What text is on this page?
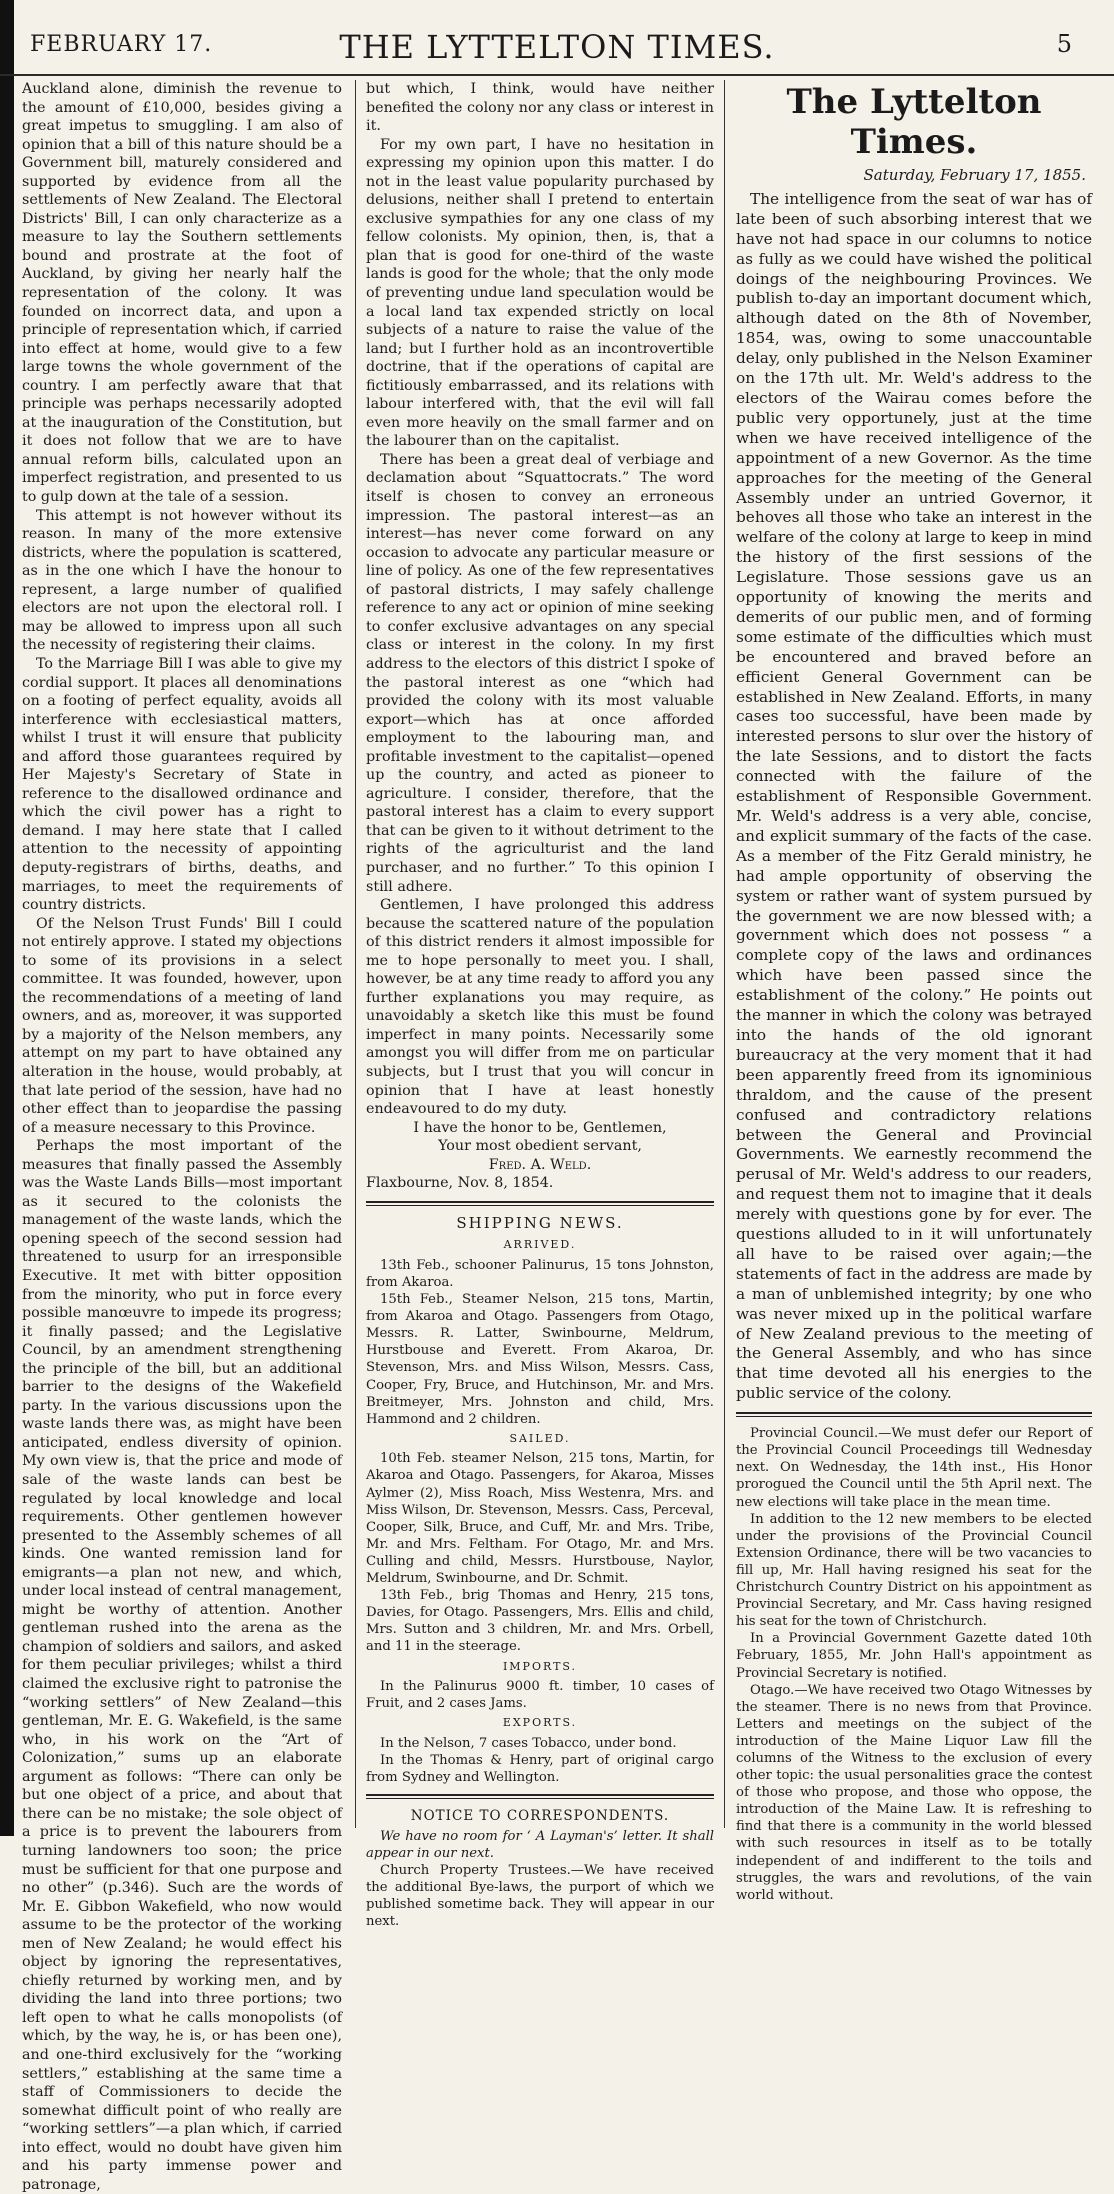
FEBRUARY 17.	THE LYTTELTON TIMES.	5

Auckland alone, diminish the revenue to the amount of £10,000, besides giving a great impetus to smuggling. I am also of opinion that a bill of this nature should be a Government bill, maturely considered and supported by evidence from all the settlements of New Zealand. The Electoral Districts' Bill, I can only characterize as a measure to lay the Southern settlements bound and prostrate at the foot of Auckland, by giving her nearly half the representation of the colony. It was founded on incorrect data, and upon a principle of representation which, if carried into effect at home, would give to a few large towns the whole government of the country. I am perfectly aware that that principle was perhaps necessarily adopted at the inauguration of the Constitution, but it does not follow that we are to have annual reform bills, calculated upon an imperfect registration, and presented to us to gulp down at the tale of a session.

This attempt is not however without its reason. In many of the more extensive districts, where the population is scattered, as in the one which I have the honour to represent, a large number of qualified electors are not upon the electoral roll. I may be allowed to impress upon all such the necessity of registering their claims.

To the Marriage Bill I was able to give my cordial support. It places all denominations on a footing of perfect equality, avoids all interference with ecclesiastical matters, whilst I trust it will ensure that publicity and afford those guarantees required by Her Majesty's Secretary of State in reference to the disallowed ordinance and which the civil power has a right to demand. I may here state that I called attention to the necessity of appointing deputy-registrars of births, deaths, and marriages, to meet the requirements of country districts.

Of the Nelson Trust Funds' Bill I could not entirely approve. I stated my objections to some of its provisions in a select committee. It was founded, however, upon the recommendations of a meeting of land owners, and as, moreover, it was supported by a majority of the Nelson members, any attempt on my part to have obtained any alteration in the house, would probably, at that late period of the session, have had no other effect than to jeopardise the passing of a measure necessary to this Province.

Perhaps the most important of the measures that finally passed the Assembly was the Waste Lands Bills—most important as it secured to the colonists the management of the waste lands, which the opening speech of the second session had threatened to usurp for an irresponsible Executive. It met with bitter opposition from the minority, who put in force every possible manœuvre to impede its progress; it finally passed; and the Legislative Council, by an amendment strengthening the principle of the bill, but an additional barrier to the designs of the Wakefield party. In the various discussions upon the waste lands there was, as might have been anticipated, endless diversity of opinion. My own view is, that the price and mode of sale of the waste lands can best be regulated by local knowledge and local requirements. Other gentlemen however presented to the Assembly schemes of all kinds. One wanted remission land for emigrants—a plan not new, and which, under local instead of central management, might be worthy of attention. Another gentleman rushed into the arena as the champion of soldiers and sailors, and asked for them peculiar privileges; whilst a third claimed the exclusive right to patronise the “working settlers” of New Zealand—this gentleman, Mr. E. G. Wakefield, is the same who, in his work on the “Art of Colonization,” sums up an elaborate argument as follows: “There can only be but one object of a price, and about that there can be no mistake; the sole object of a price is to prevent the labourers from turning landowners too soon; the price must be sufficient for that one purpose and no other” (p.346). Such are the words of Mr. E. Gibbon Wakefield, who now would assume to be the protector of the working men of New Zealand; he would effect his object by ignoring the representatives, chiefly returned by working men, and by dividing the land into three portions; two left open to what he calls monopolists (of which, by the way, he is, or has been one), and one-third exclusively for the “working settlers,” establishing at the same time a staff of Commissioners to decide the somewhat difficult point of who really are “working settlers”—a plan which, if carried into effect, would no doubt have given him and his party immense power and patronage,

but which, I think, would have neither benefited the colony nor any class or interest in it.

For my own part, I have no hesitation in expressing my opinion upon this matter. I do not in the least value popularity purchased by delusions, neither shall I pretend to entertain exclusive sympathies for any one class of my fellow colonists. My opinion, then, is, that a plan that is good for one-third of the waste lands is good for the whole; that the only mode of preventing undue land speculation would be a local land tax expended strictly on local subjects of a nature to raise the value of the land; but I further hold as an incontrovertible doctrine, that if the operations of capital are fictitiously embarrassed, and its relations with labour interfered with, that the evil will fall even more heavily on the small farmer and on the labourer than on the capitalist.

There has been a great deal of verbiage and declamation about “Squattocrats.” The word itself is chosen to convey an erroneous impression. The pastoral interest—as an interest—has never come forward on any occasion to advocate any particular measure or line of policy. As one of the few representatives of pastoral districts, I may safely challenge reference to any act or opinion of mine seeking to confer exclusive advantages on any special class or interest in the colony. In my first address to the electors of this district I spoke of the pastoral interest as one “which had provided the colony with its most valuable export—which has at once afforded employment to the labouring man, and profitable investment to the capitalist—opened up the country, and acted as pioneer to agriculture. I consider, therefore, that the pastoral interest has a claim to every support that can be given to it without detriment to the rights of the agriculturist and the land purchaser, and no further.” To this opinion I still adhere.

Gentlemen, I have prolonged this address because the scattered nature of the population of this district renders it almost impossible for me to hope personally to meet you. I shall, however, be at any time ready to afford you any further explanations you may require, as unavoidably a sketch like this must be found imperfect in many points. Necessarily some amongst you will differ from me on particular subjects, but I trust that you will concur in opinion that I have at least honestly endeavoured to do my duty.

I have the honor to be, Gentlemen,

Your most obedient servant,

Fred. A. Weld.

Flaxbourne, Nov. 8, 1854.

SHIPPING NEWS.
ARRIVED.

13th Feb., schooner Palinurus, 15 tons Johnston, from Akaroa.

15th Feb., Steamer Nelson, 215 tons, Martin, from Akaroa and Otago. Passengers from Otago, Messrs. R. Latter, Swinbourne, Meldrum, Hurstbouse and Everett. From Akaroa, Dr. Stevenson, Mrs. and Miss Wilson, Messrs. Cass, Cooper, Fry, Bruce, and Hutchinson, Mr. and Mrs. Breitmeyer, Mrs. Johnston and child, Mrs. Hammond and 2 children.

SAILED.

10th Feb. steamer Nelson, 215 tons, Martin, for Akaroa and Otago. Passengers, for Akaroa, Misses Aylmer (2), Miss Roach, Miss Westenra, Mrs. and Miss Wilson, Dr. Stevenson, Messrs. Cass, Perceval, Cooper, Silk, Bruce, and Cuff, Mr. and Mrs. Tribe, Mr. and Mrs. Feltham. For Otago, Mr. and Mrs. Culling and child, Messrs. Hurstbouse, Naylor, Meldrum, Swinbourne, and Dr. Schmit.

13th Feb., brig Thomas and Henry, 215 tons, Davies, for Otago. Passengers, Mrs. Ellis and child, Mrs. Sutton and 3 children, Mr. and Mrs. Orbell, and 11 in the steerage.

IMPORTS.

In the Palinurus 9000 ft. timber, 10 cases of Fruit, and 2 cases Jams.

EXPORTS.

In the Nelson, 7 cases Tobacco, under bond.

In the Thomas & Henry, part of original cargo from Sydney and Wellington.

NOTICE TO CORRESPONDENTS.

We have no room for ‘ A Layman's’ letter. It shall appear in our next.

Church Property Trustees.—We have received the additional Bye-laws, the purport of which we published sometime back. They will appear in our next.

The Lyttelton Times.
Saturday, February 17, 1855.

The intelligence from the seat of war has of late been of such absorbing interest that we have not had space in our columns to notice as fully as we could have wished the political doings of the neighbouring Provinces. We publish to-day an important document which, although dated on the 8th of November, 1854, was, owing to some unaccountable delay, only published in the Nelson Examiner on the 17th ult. Mr. Weld's address to the electors of the Wairau comes before the public very opportunely, just at the time when we have received intelligence of the appointment of a new Governor. As the time approaches for the meeting of the General Assembly under an untried Governor, it behoves all those who take an interest in the welfare of the colony at large to keep in mind the history of the first sessions of the Legislature. Those sessions gave us an opportunity of knowing the merits and demerits of our public men, and of forming some estimate of the difficulties which must be encountered and braved before an efficient General Government can be established in New Zealand. Efforts, in many cases too successful, have been made by interested persons to slur over the history of the late Sessions, and to distort the facts connected with the failure of the establishment of Responsible Government. Mr. Weld's address is a very able, concise, and explicit summary of the facts of the case. As a member of the Fitz Gerald ministry, he had ample opportunity of observing the system or rather want of system pursued by the government we are now blessed with; a government which does not possess “ a complete copy of the laws and ordinances which have been passed since the establishment of the colony.” He points out the manner in which the colony was betrayed into the hands of the old ignorant bureaucracy at the very moment that it had been apparently freed from its ignominious thraldom, and the cause of the present confused and contradictory relations between the General and Provincial Governments. We earnestly recommend the perusal of Mr. Weld's address to our readers, and request them not to imagine that it deals merely with questions gone by for ever. The questions alluded to in it will unfortunately all have to be raised over again;—the statements of fact in the address are made by a man of unblemished integrity; by one who was never mixed up in the political warfare of New Zealand previous to the meeting of the General Assembly, and who has since that time devoted all his energies to the public service of the colony.

Provincial Council.—We must defer our Report of the Provincial Council Proceedings till Wednesday next. On Wednesday, the 14th inst., His Honor prorogued the Council until the 5th April next. The new elections will take place in the mean time.

In addition to the 12 new members to be elected under the provisions of the Provincial Council Extension Ordinance, there will be two vacancies to fill up, Mr. Hall having resigned his seat for the Christchurch Country District on his appointment as Provincial Secretary, and Mr. Cass having resigned his seat for the town of Christchurch.

In a Provincial Government Gazette dated 10th February, 1855, Mr. John Hall's appointment as Provincial Secretary is notified.

Otago.—We have received two Otago Witnesses by the steamer. There is no news from that Province. Letters and meetings on the subject of the introduction of the Maine Liquor Law fill the columns of the Witness to the exclusion of every other topic: the usual personalities grace the contest of those who propose, and those who oppose, the introduction of the Maine Law. It is refreshing to find that there is a community in the world blessed with such resources in itself as to be totally independent of and indifferent to the toils and struggles, the wars and revolutions, of the vain world without.
